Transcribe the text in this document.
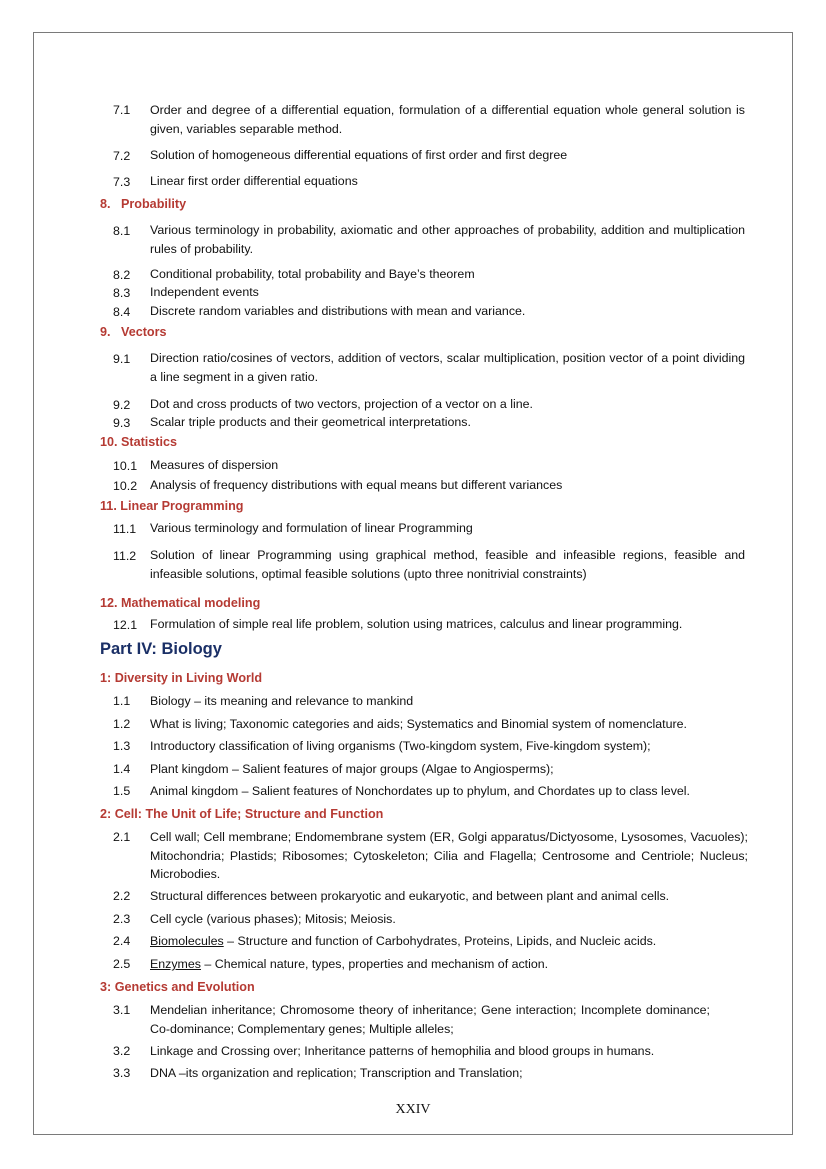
7.1 Order and degree of a differential equation, formulation of a differential equation whole general solution is given, variables separable method.
7.2 Solution of homogeneous differential equations of first order and first degree
7.3 Linear first order differential equations
8.   Probability
8.1 Various terminology in probability, axiomatic and other approaches of probability, addition and multiplication rules of probability.
8.2 Conditional probability, total probability and Baye’s theorem
8.3 Independent events
8.4 Discrete random variables and distributions with mean and variance.
9.   Vectors
9.1 Direction ratio/cosines of vectors, addition of vectors, scalar multiplication, position vector of a point dividing a line segment in a given ratio.
9.2 Dot and cross products of two vectors, projection of a vector on a line.
9.3 Scalar triple products and their geometrical interpretations.
10. Statistics
10.1 Measures of dispersion
10.2 Analysis of frequency distributions with equal means but different variances
11. Linear Programming
11.1 Various terminology and formulation of linear Programming
11.2 Solution of linear Programming using graphical method, feasible and infeasible regions, feasible and infeasible solutions, optimal feasible solutions (upto three nonitrivial constraints)
12. Mathematical modeling
12.1 Formulation of simple real life problem, solution using matrices, calculus and linear programming.
Part IV: Biology
1: Diversity in Living World
1.1 Biology – its meaning and relevance to mankind
1.2 What is living; Taxonomic categories and aids; Systematics and Binomial system of nomenclature.
1.3 Introductory classification of living organisms (Two-kingdom system, Five-kingdom system);
1.4 Plant kingdom – Salient features of major groups (Algae to Angiosperms);
1.5 Animal kingdom – Salient features of Nonchordates up to phylum, and Chordates up to class level.
2: Cell: The Unit of Life; Structure and Function
2.1 Cell wall; Cell membrane; Endomembrane system (ER, Golgi apparatus/Dictyosome, Lysosomes, Vacuoles); Mitochondria; Plastids; Ribosomes; Cytoskeleton; Cilia and Flagella; Centrosome and Centriole; Nucleus; Microbodies.
2.2 Structural differences between prokaryotic and eukaryotic, and between plant and animal cells.
2.3 Cell cycle (various phases); Mitosis; Meiosis.
2.4 Biomolecules – Structure and function of Carbohydrates, Proteins, Lipids, and Nucleic acids.
2.5 Enzymes – Chemical nature, types, properties and mechanism of action.
3: Genetics and Evolution
3.1 Mendelian inheritance; Chromosome theory of inheritance; Gene interaction; Incomplete dominance; Co-dominance; Complementary genes; Multiple alleles;
3.2 Linkage and Crossing over; Inheritance patterns of hemophilia and blood groups in humans.
3.3 DNA –its organization and replication; Transcription and Translation;
XXIV
